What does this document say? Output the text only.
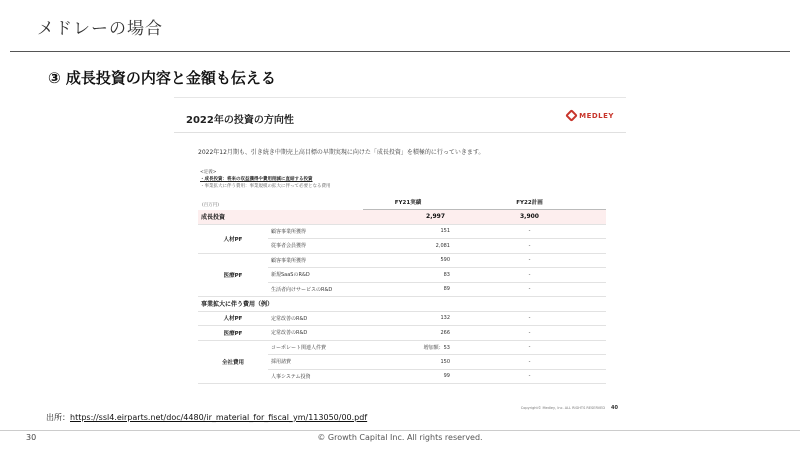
メドレーの場合
③ 成長投資の内容と金額も伝える
2022年の投資の方向性	MEDLEY
2022年12月期も、引き続き中期売上高目標の早期実現に向けた「成長投資」を積極的に行っていきます。
<定義>
・成長投資：将来の収益獲得や費用削減に直結する投資
・事業拡大に伴う費用：事業規模の拡大に伴って必要となる費用
(百万円)
			FY21実績	FY22計画
成長投資		2,997	3,900
人材PF	顧客事業所獲得	151	-
	従事者会員獲得	2,081	-
医療PF	顧客事業所獲得	590	-
	新規SaaSのR&D	83	-
	生活者向けサービスのR&D	89	-
事業拡大に伴う費用（例）			
人材PF	定常改善のR&D	132	-
医療PF	定常改善のR&D	266	-
全社費用	コーポレート関連人件費	増加額：53	-
	採用諸費	150	-
	人事システム投資	99	-
Copyright© Medley, Inc. ALL RIGHTS RESERVED 40
出所：https://ssl4.eirparts.net/doc/4480/ir_material_for_fiscal_ym/113050/00.pdf
30	© Growth Capital Inc. All rights reserved.
